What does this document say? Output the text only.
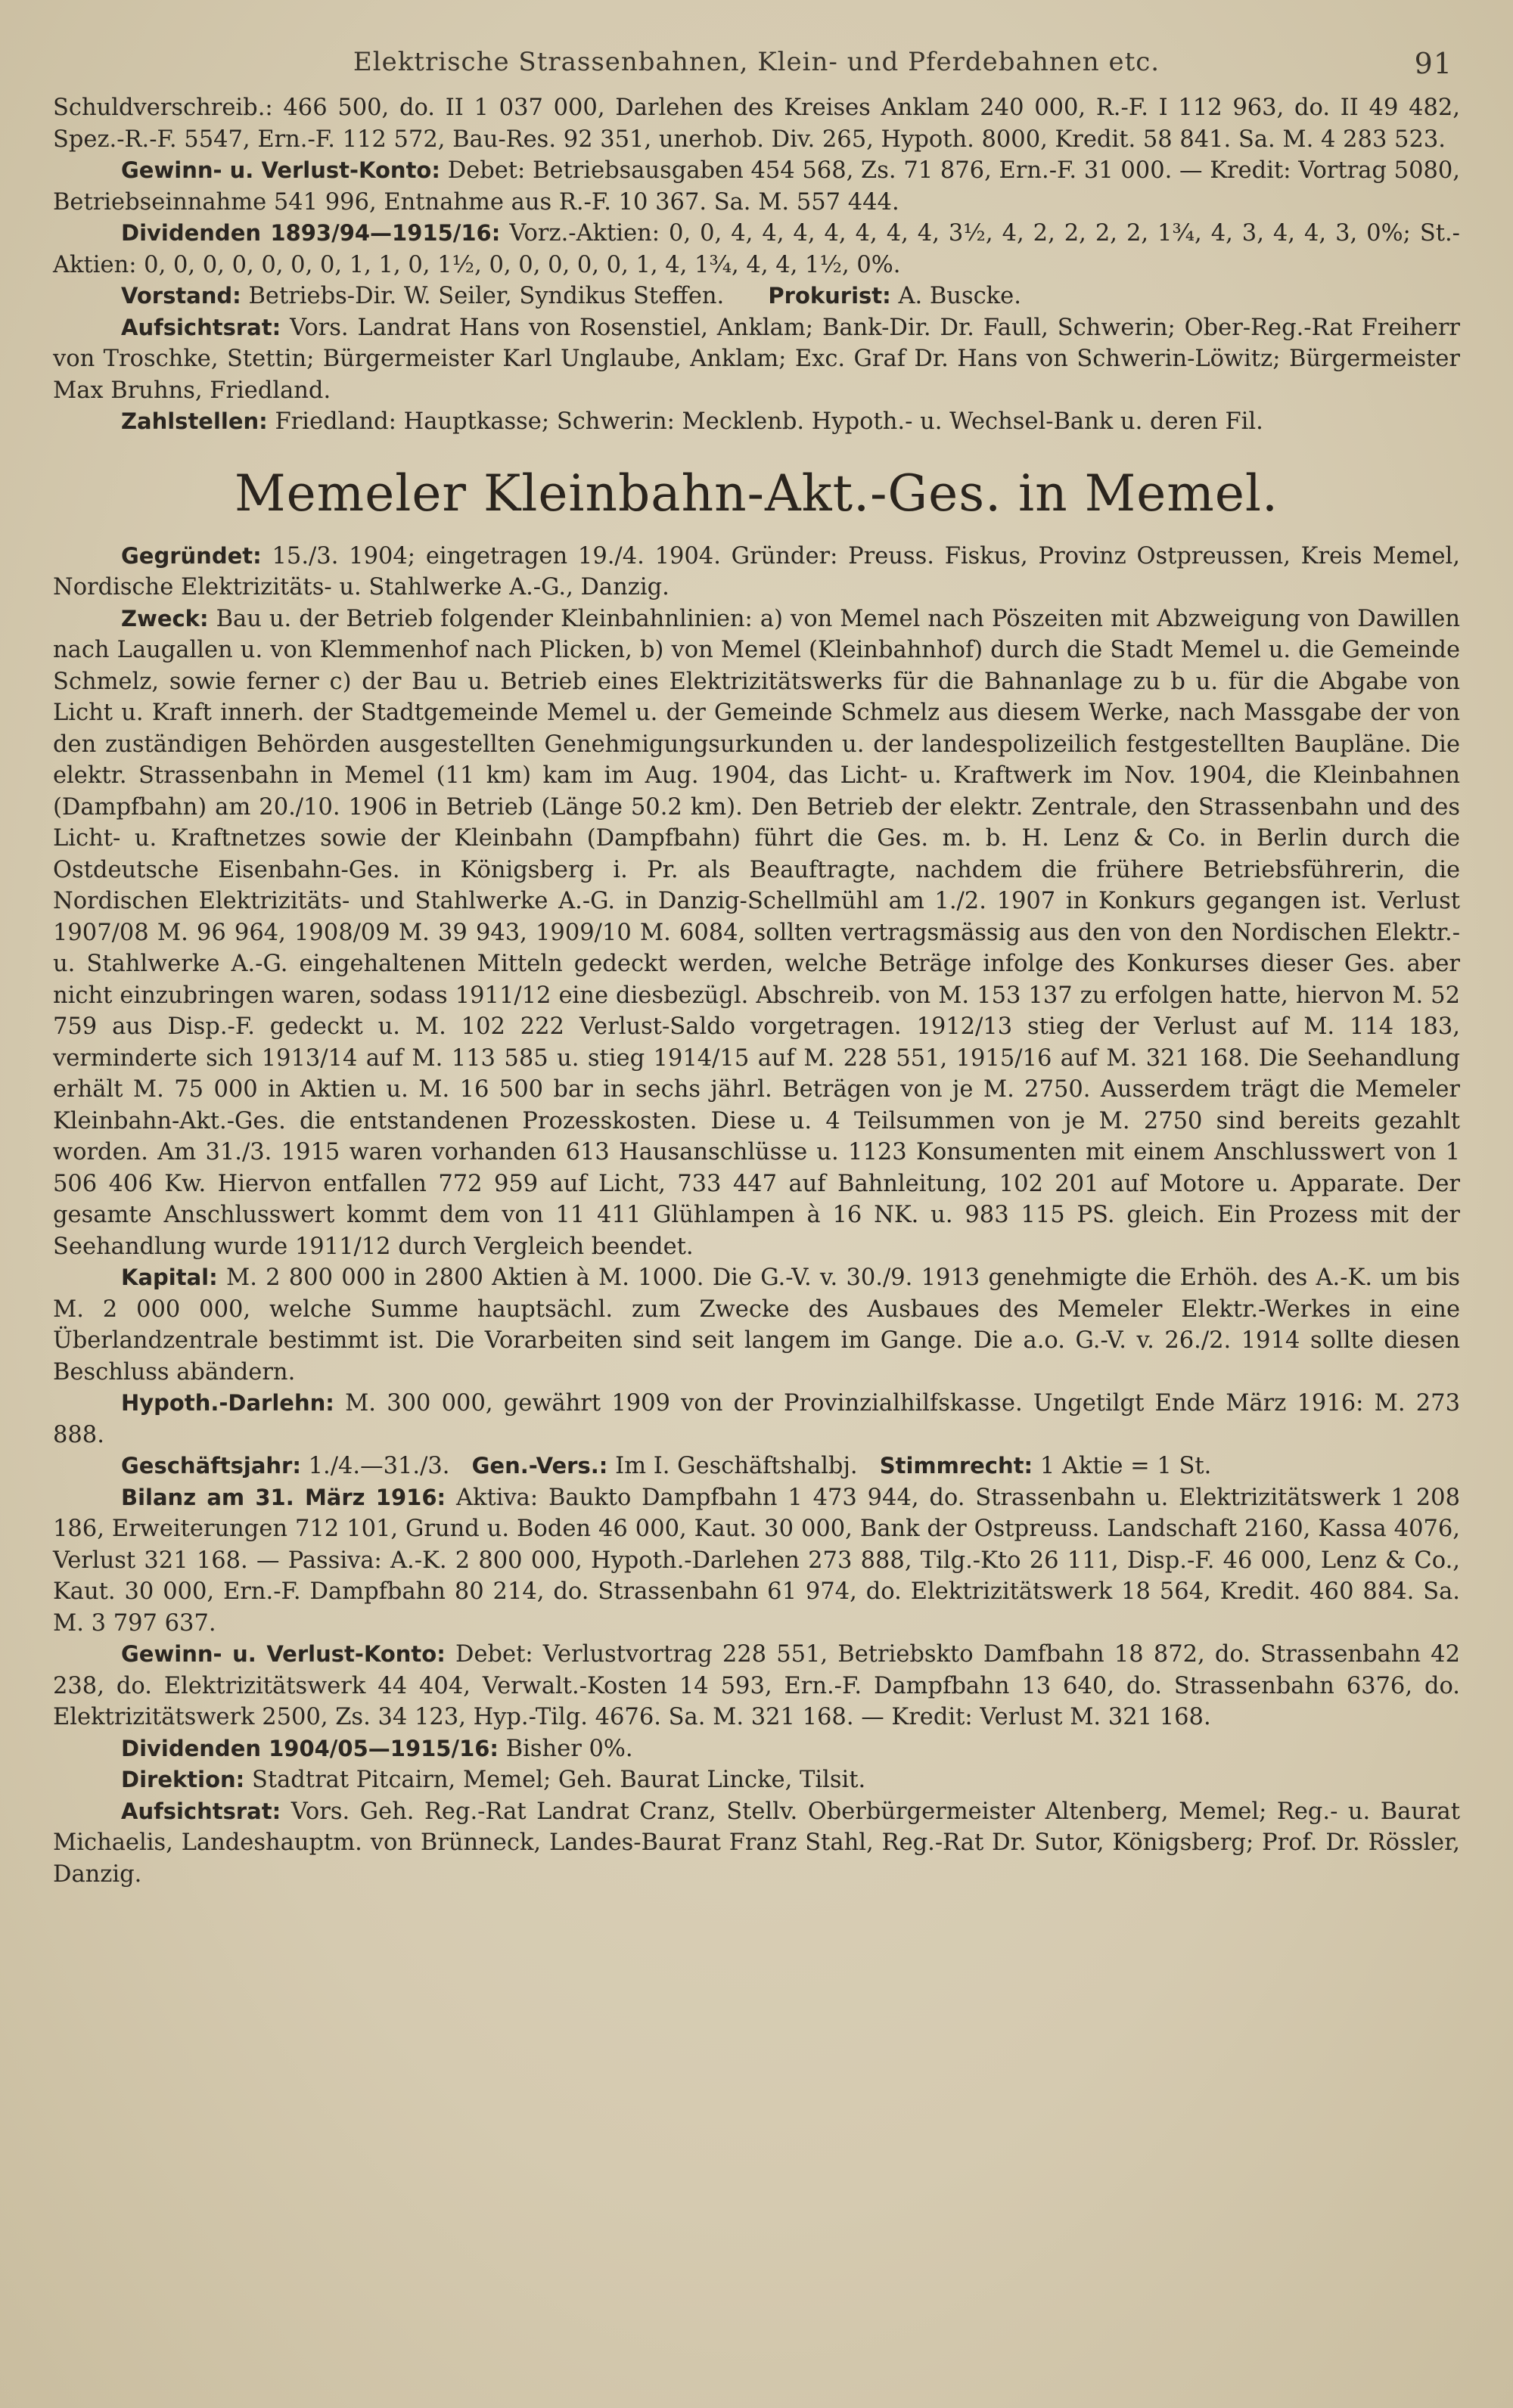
Elektrische Strassenbahnen, Klein- und Pferdebahnen etc.	91

Schuldverschreib.: 466 500, do. II 1 037 000, Darlehen des Kreises Anklam 240 000, R.-F. I 112 963, do. II 49 482, Spez.-R.-F. 5547, Ern.-F. 112 572, Bau-Res. 92 351, unerhob. Div. 265, Hypoth. 8000, Kredit. 58 841. Sa. M. 4 283 523.

Gewinn- u. Verlust-Konto: Debet: Betriebsausgaben 454 568, Zs. 71 876, Ern.-F. 31 000. — Kredit: Vortrag 5080, Betriebseinnahme 541 996, Entnahme aus R.-F. 10 367. Sa. M. 557 444.

Dividenden 1893/94—1915/16: Vorz.-Aktien: 0, 0, 4, 4, 4, 4, 4, 4, 4, 3½, 4, 2, 2, 2, 2, 1¾, 4, 3, 4, 4, 3, 0%; St.-Aktien: 0, 0, 0, 0, 0, 0, 0, 1, 1, 0, 1½, 0, 0, 0, 0, 0, 1, 4, 1¾, 4, 4, 1½, 0%.

Vorstand: Betriebs-Dir. W. Seiler, Syndikus Steffen. Prokurist: A. Buscke.

Aufsichtsrat: Vors. Landrat Hans von Rosenstiel, Anklam; Bank-Dir. Dr. Faull, Schwerin; Ober-Reg.-Rat Freiherr von Troschke, Stettin; Bürgermeister Karl Unglaube, Anklam; Exc. Graf Dr. Hans von Schwerin-Löwitz; Bürgermeister Max Bruhns, Friedland.

Zahlstellen: Friedland: Hauptkasse; Schwerin: Mecklenb. Hypoth.- u. Wechsel-Bank u. deren Fil.

Memeler Kleinbahn-Akt.-Ges. in Memel.

Gegründet: 15./3. 1904; eingetragen 19./4. 1904. Gründer: Preuss. Fiskus, Provinz Ostpreussen, Kreis Memel, Nordische Elektrizitäts- u. Stahlwerke A.-G., Danzig.

Zweck: Bau u. der Betrieb folgender Kleinbahnlinien: a) von Memel nach Pöszeiten mit Abzweigung von Dawillen nach Laugallen u. von Klemmenhof nach Plicken, b) von Memel (Kleinbahnhof) durch die Stadt Memel u. die Gemeinde Schmelz, sowie ferner c) der Bau u. Betrieb eines Elektrizitätswerks für die Bahnanlage zu b u. für die Abgabe von Licht u. Kraft innerh. der Stadtgemeinde Memel u. der Gemeinde Schmelz aus diesem Werke, nach Massgabe der von den zuständigen Behörden ausgestellten Genehmigungsurkunden u. der landespolizeilich festgestellten Baupläne. Die elektr. Strassenbahn in Memel (11 km) kam im Aug. 1904, das Licht- u. Kraftwerk im Nov. 1904, die Kleinbahnen (Dampfbahn) am 20./10. 1906 in Betrieb (Länge 50.2 km). Den Betrieb der elektr. Zentrale, den Strassenbahn und des Licht- u. Kraftnetzes sowie der Kleinbahn (Dampfbahn) führt die Ges. m. b. H. Lenz & Co. in Berlin durch die Ostdeutsche Eisenbahn-Ges. in Königsberg i. Pr. als Beauftragte, nachdem die frühere Betriebsführerin, die Nordischen Elektrizitäts- und Stahlwerke A.-G. in Danzig-Schellmühl am 1./2. 1907 in Konkurs gegangen ist. Verlust 1907/08 M. 96 964, 1908/09 M. 39 943, 1909/10 M. 6084, sollten vertragsmässig aus den von den Nordischen Elektr.- u. Stahlwerke A.-G. eingehaltenen Mitteln gedeckt werden, welche Beträge infolge des Konkurses dieser Ges. aber nicht einzubringen waren, sodass 1911/12 eine diesbezügl. Abschreib. von M. 153 137 zu erfolgen hatte, hiervon M. 52 759 aus Disp.-F. gedeckt u. M. 102 222 Verlust-Saldo vorgetragen. 1912/13 stieg der Verlust auf M. 114 183, verminderte sich 1913/14 auf M. 113 585 u. stieg 1914/15 auf M. 228 551, 1915/16 auf M. 321 168. Die Seehandlung erhält M. 75 000 in Aktien u. M. 16 500 bar in sechs jährl. Beträgen von je M. 2750. Ausserdem trägt die Memeler Kleinbahn-Akt.-Ges. die entstandenen Prozesskosten. Diese u. 4 Teilsummen von je M. 2750 sind bereits gezahlt worden. Am 31./3. 1915 waren vorhanden 613 Hausanschlüsse u. 1123 Konsumenten mit einem Anschlusswert von 1 506 406 Kw. Hiervon entfallen 772 959 auf Licht, 733 447 auf Bahnleitung, 102 201 auf Motore u. Apparate. Der gesamte Anschlusswert kommt dem von 11 411 Glühlampen à 16 NK. u. 983 115 PS. gleich. Ein Prozess mit der Seehandlung wurde 1911/12 durch Vergleich beendet.

Kapital: M. 2 800 000 in 2800 Aktien à M. 1000. Die G.-V. v. 30./9. 1913 genehmigte die Erhöh. des A.-K. um bis M. 2 000 000, welche Summe hauptsächl. zum Zwecke des Ausbaues des Memeler Elektr.-Werkes in eine Überlandzentrale bestimmt ist. Die Vorarbeiten sind seit langem im Gange. Die a.o. G.-V. v. 26./2. 1914 sollte diesen Beschluss abändern.

Hypoth.-Darlehn: M. 300 000, gewährt 1909 von der Provinzialhilfskasse. Ungetilgt Ende März 1916: M. 273 888.

Geschäftsjahr: 1./4.—31./3. Gen.-Vers.: Im I. Geschäftshalbj. Stimmrecht: 1 Aktie = 1 St.

Bilanz am 31. März 1916: Aktiva: Baukto Dampfbahn 1 473 944, do. Strassenbahn u. Elektrizitätswerk 1 208 186, Erweiterungen 712 101, Grund u. Boden 46 000, Kaut. 30 000, Bank der Ostpreuss. Landschaft 2160, Kassa 4076, Verlust 321 168. — Passiva: A.-K. 2 800 000, Hypoth.-Darlehen 273 888, Tilg.-Kto 26 111, Disp.-F. 46 000, Lenz & Co., Kaut. 30 000, Ern.-F. Dampfbahn 80 214, do. Strassenbahn 61 974, do. Elektrizitätswerk 18 564, Kredit. 460 884. Sa. M. 3 797 637.

Gewinn- u. Verlust-Konto: Debet: Verlustvortrag 228 551, Betriebskto Damfbahn 18 872, do. Strassenbahn 42 238, do. Elektrizitätswerk 44 404, Verwalt.-Kosten 14 593, Ern.-F. Dampfbahn 13 640, do. Strassenbahn 6376, do. Elektrizitätswerk 2500, Zs. 34 123, Hyp.-Tilg. 4676. Sa. M. 321 168. — Kredit: Verlust M. 321 168.

Dividenden 1904/05—1915/16: Bisher 0%.

Direktion: Stadtrat Pitcairn, Memel; Geh. Baurat Lincke, Tilsit.

Aufsichtsrat: Vors. Geh. Reg.-Rat Landrat Cranz, Stellv. Oberbürgermeister Altenberg, Memel; Reg.- u. Baurat Michaelis, Landeshauptm. von Brünneck, Landes-Baurat Franz Stahl, Reg.-Rat Dr. Sutor, Königsberg; Prof. Dr. Rössler, Danzig.
